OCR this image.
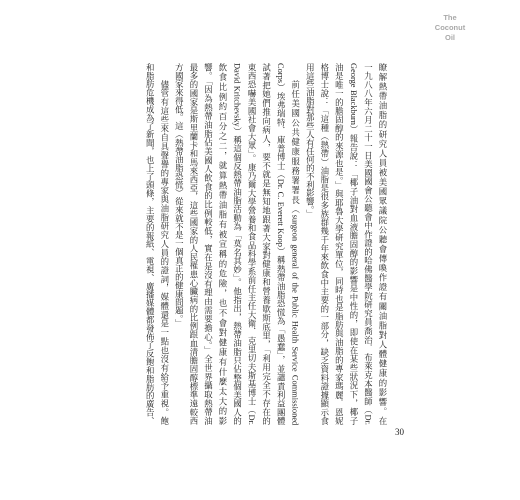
The
Coconut
Oil

瞭解熱帶油脂的研究人員被美國眾議院公聽會傳喚作證有關油脂對人體健康的影響。在

一九八八年六月二十一日美國國會公聽會中作證的哈佛醫學院研究員喬治．布萊克本醫師（Dr.

George Blackburn）報告說：「椰子油對血液膽固醇的影響是中性的，即使在某些狀況下，椰子

油是唯一的膽固醇的來源也是。」與耶魯大學研究單位，同時也是脂肪與油脂的專家瑪麗．恩妮

格博士說：「這種（熱帶）油脂是很多族群幾千年來飲食中主要的一部分，缺乏資料證據顯示食

用這些油脂對那些人有任何的不利影響。」

前任美國公共健康服務署署長（surgeon general of the Public Health Service Commissioned

Corps）埃弗瑞特．庫普博士（Dr. C. Everett Koop）稱熱帶油脂恐慌為「愚蠢」，並譴責利益團體

試著把她們推向病人，要不就是無知地跟著大家對健康和營養歇斯底里，「利用完全不存在的

東西恐嚇美國社會大眾」。康乃爾大學營養和食品科學系前任主任大衛．克里切夫斯基博士（Dr.

David Kritchevsky）稱這個反熱帶油脂活動為「莫名其妙」。他指出，熱帶油脂只佔整個美國人的

飲食比例約百分之二，就算熱帶油脂有被宣稱的危險，也不會對健康有什麼太大的影

響。「因為熱帶油脂佔美國人飲食的比例較低，實在是沒有理由需要擔心。」全世界攝取熱帶油

最多的國家是斯里蘭卡和馬來西亞，這些國家的人民罹患心臟病的比例跟血清膽固醇標準遠較西

方國家來得低。這（熱帶油脂恐慌）從來就不是一個真正的健康問題。」

儘管有這些來自具聲譽的專家與油脂研究人員的證詞，媒體還是一點也沒有給予重視。飽

和脂肪危機成為了新聞，也上了頭條，主要的報紙、電視、廣播媒體都發佈了反飽和脂肪的廣告、

30
